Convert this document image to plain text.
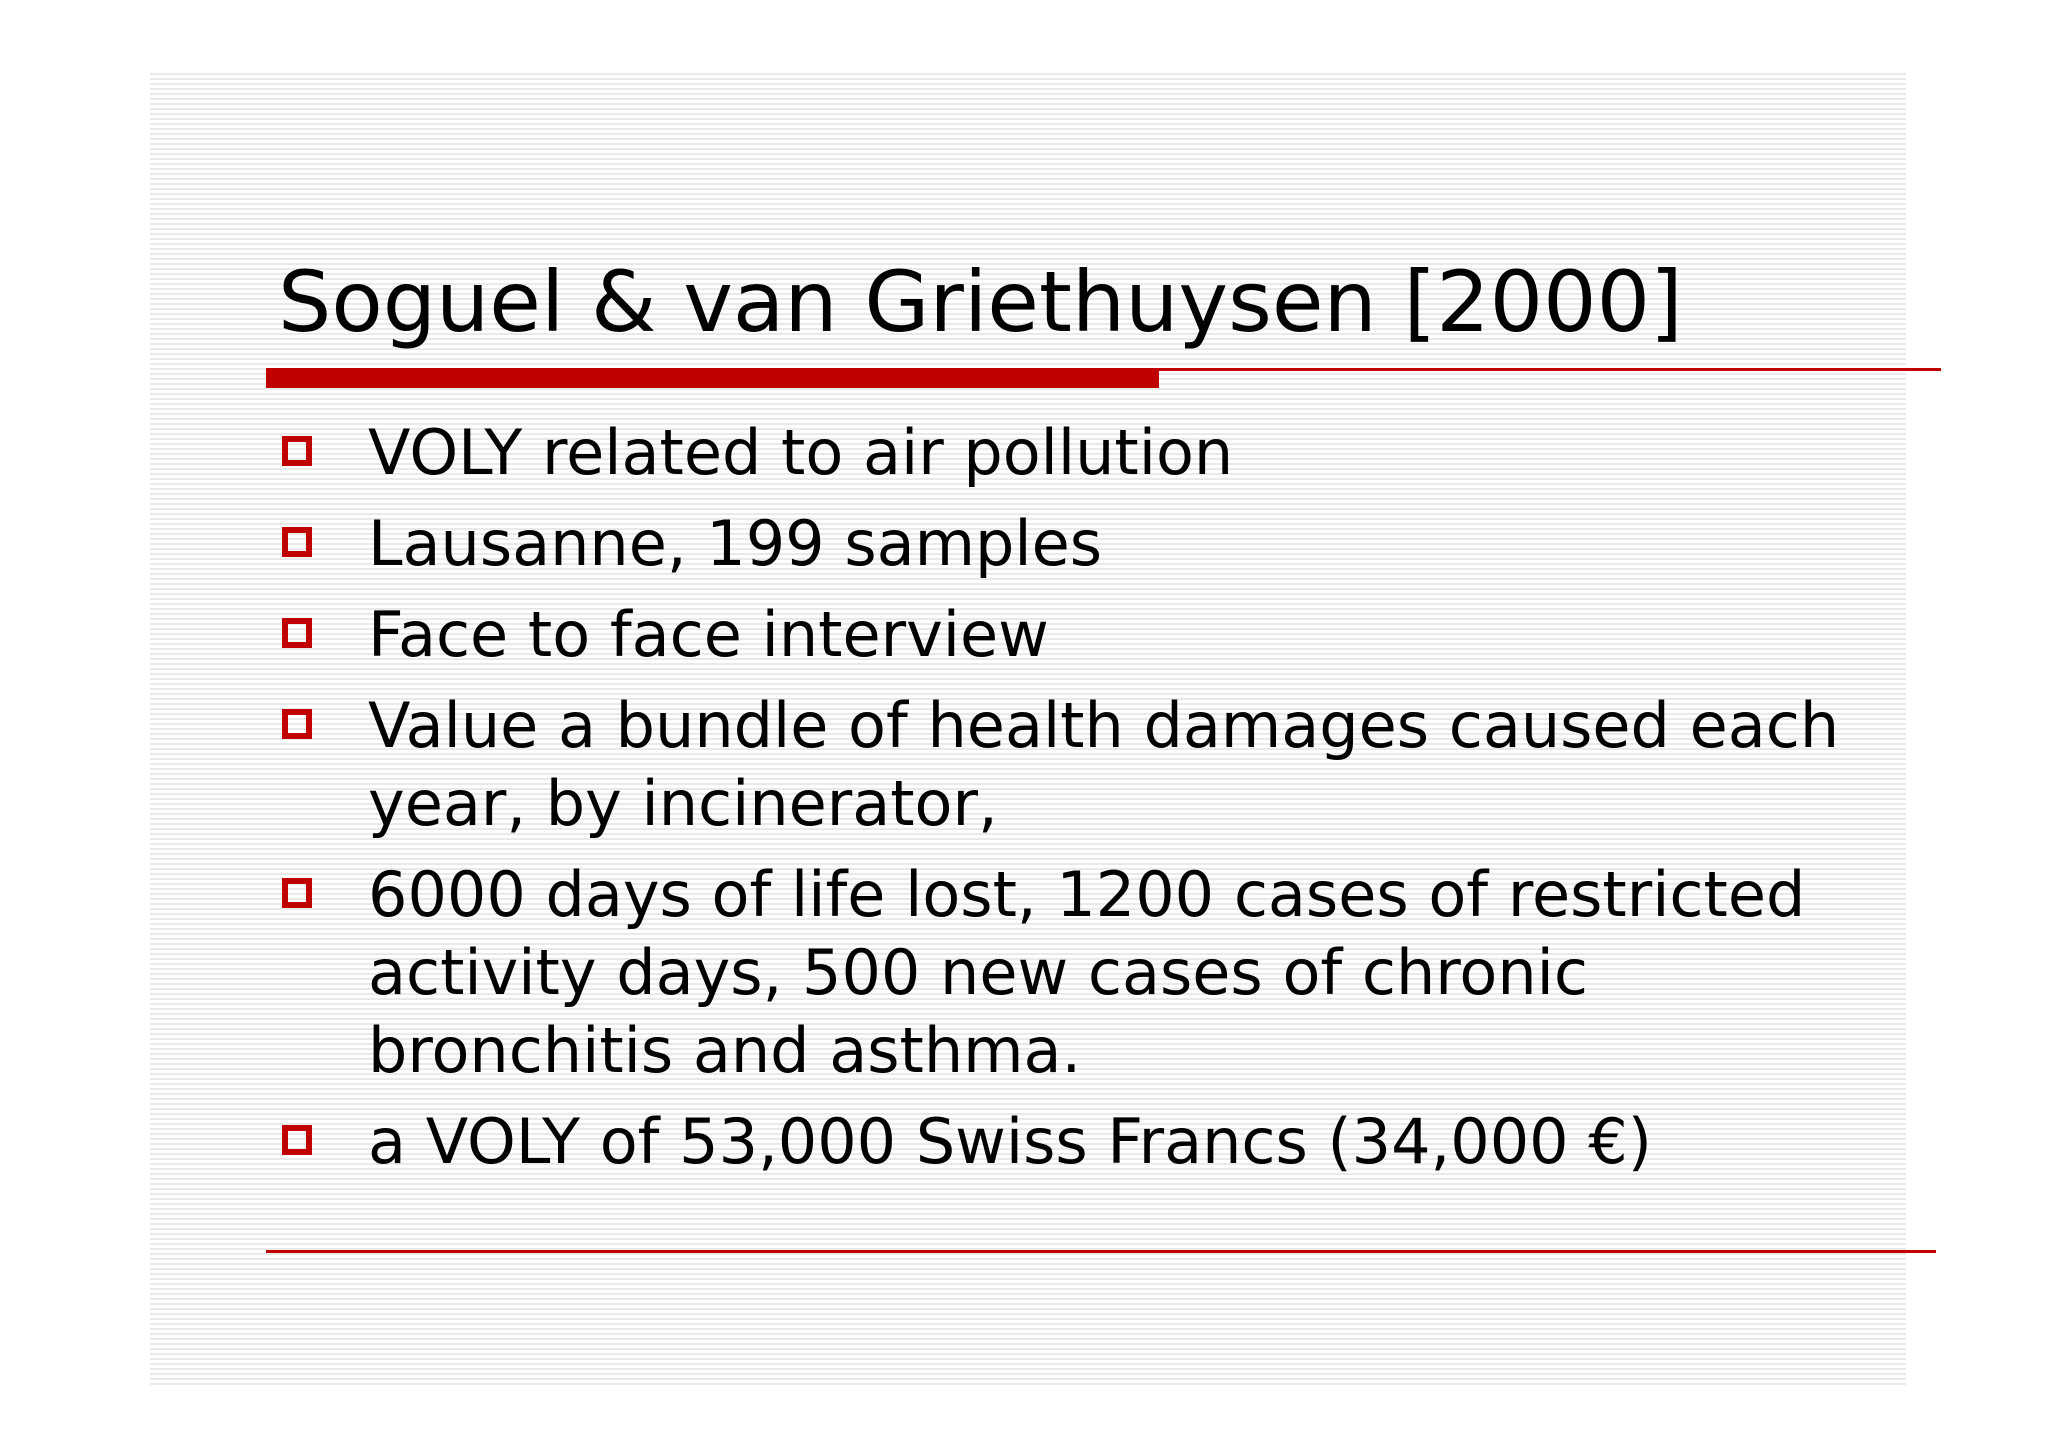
Soguel & van Griethuysen [2000]
VOLY related to air pollution
Lausanne, 199 samples
Face to face interview
Value a bundle of health damages caused each year, by incinerator,
6000 days of life lost, 1200 cases of restricted activity days, 500 new cases of chronic bronchitis and asthma.
a VOLY of 53,000 Swiss Francs (34,000 €)
